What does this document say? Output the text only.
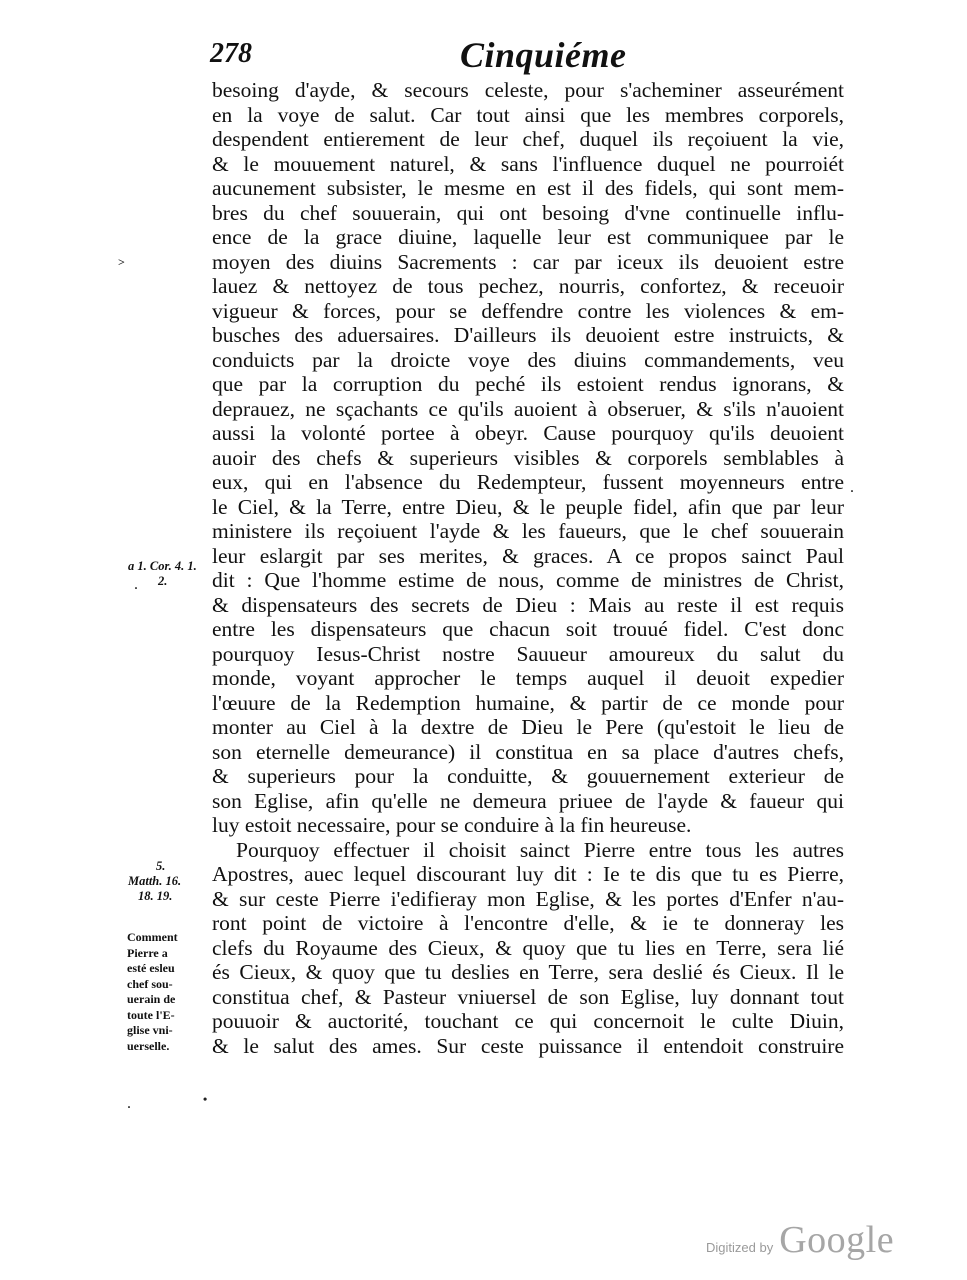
278	Cinquiéme
besoing d'ayde, & secours celeste, pour s'acheminer asseurément
en la voye de salut. Car tout ainsi que les membres corporels,
despendent entierement de leur chef, duquel ils reçoiuent la vie,
& le mouuement naturel, & sans l'influence duquel ne pourroiét
aucunement subsister, le mesme en est il des fidels, qui sont mem-
bres du chef souuerain, qui ont besoing d'vne continuelle influ-
ence de la grace diuine, laquelle leur est communiquee par le
moyen des diuins Sacrements : car par iceux ils deuoient estre
lauez & nettoyez de tous pechez, nourris, confortez, & receuoir
vigueur & forces, pour se deffendre contre les violences & em-
busches des aduersaires. D'ailleurs ils deuoient estre instruicts, &
conduicts par la droicte voye des diuins commandements, veu
que par la corruption du peché ils estoient rendus ignorans, &
deprauez, ne sçachants ce qu'ils auoient à obseruer, & s'ils n'auoient
aussi la volonté portee à obeyr. Cause pourquoy qu'ils deuoient
auoir des chefs & superieurs visibles & corporels semblables à
eux, qui en l'absence du Redempteur, fussent moyenneurs entre
le Ciel, & la Terre, entre Dieu, & le peuple fidel, afin que par leur
ministere ils reçoiuent l'ayde & les faueurs, que le chef souuerain
leur eslargit par ses merites, & graces. A ce propos sainct Paul
dit : Que l'homme estime de nous, comme de ministres de Christ,
& dispensateurs des secrets de Dieu : Mais au reste il est requis
entre les dispensateurs que chacun soit trouué fidel. C'est donc
pourquoy Iesus-Christ nostre Sauueur amoureux du salut du
monde, voyant approcher le temps auquel il deuoit expedier
l'œuure de la Redemption humaine, & partir de ce monde pour
monter au Ciel à la dextre de Dieu le Pere (qu'estoit le lieu de
son eternelle demeurance) il constitua en sa place d'autres chefs,
& superieurs pour la conduitte, & gouuernement exterieur de
son Eglise, afin qu'elle ne demeura priuee de l'ayde & faueur qui
luy estoit necessaire, pour se conduire à la fin heureuse.
Pourquoy effectuer il choisit sainct Pierre entre tous les autres
Apostres, auec lequel discourant luy dit : Ie te dis que tu es Pierre,
& sur ceste Pierre i'edifieray mon Eglise, & les portes d'Enfer n'au-
ront point de victoire à l'encontre d'elle, & ie te donneray les
clefs du Royaume des Cieux, & quoy que tu lies en Terre, sera lié
és Cieux, & quoy que tu deslies en Terre, sera deslié és Cieux. Il le
constitua chef, & Pasteur vniuersel de son Eglise, luy donnant tout
pouuoir & auctorité, touchant ce qui concernoit le culte Diuin,
& le salut des ames. Sur ceste puissance il entendoit construire
a 1. Cor. 4. 1.
2.
5.
Matth. 16.
18. 19.
Comment
Pierre a
esté esleu
chef sou-
uerain de
toute l'E-
glise vni-
uerselle.
˃
•
·
·
·
Digitized by Google
